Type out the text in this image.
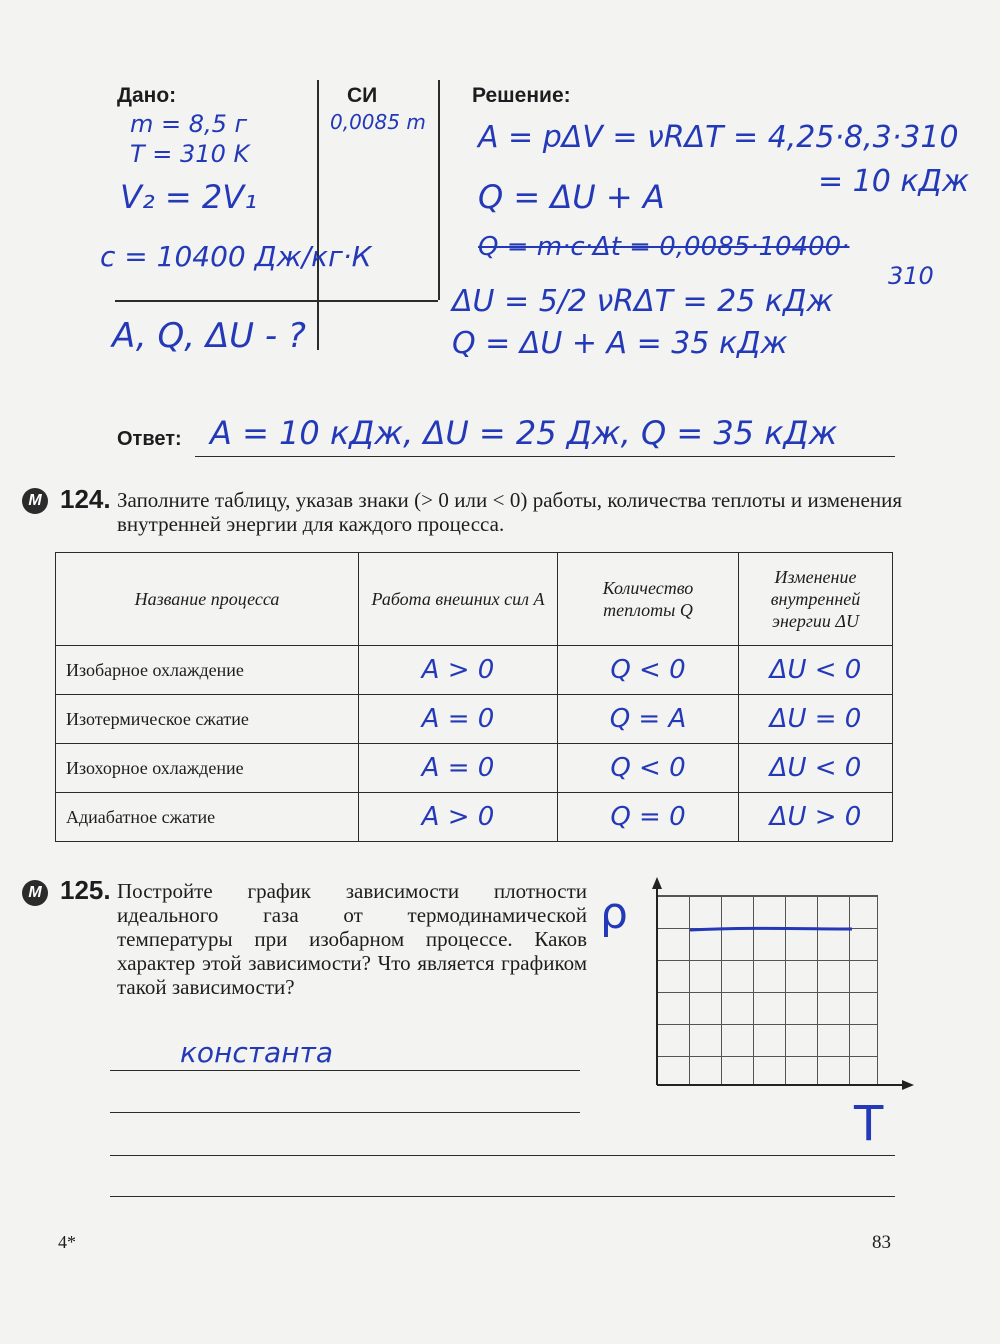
Дано:	СИ	Решение:
m = 8,5 г
T = 310 K
V₂ = 2V₁
c = 10400 Дж/кг·К
A, Q, ΔU - ?
0,0085 m A = pΔV = νRΔT = 4,25·8,3·310
= 10 кДж
Q = ΔU + A
Q = m·c·Δt = 0,0085·10400·
310
ΔU = 5/2 νRΔT = 25 кДж
Q = ΔU + A = 35 кДж
Ответ: A = 10 кДж, ΔU = 25 Дж, Q = 35 кДж
М 124. Заполните таблицу, указав знаки (> 0 или < 0) работы, количества теплоты и изменения внутренней энергии для каждого процесса.
Название процесса	Работа внешних сил A	Количество теплоты Q	Изменение внутренней энергии ΔU
Изобарное охлаждение	A > 0	Q < 0	ΔU < 0
Изотермическое сжатие	A = 0	Q = A	ΔU = 0
Изохорное охлаждение	A = 0	Q < 0	ΔU < 0
Адиабатное сжатие	A > 0	Q = 0	ΔU > 0
М 125. Постройте график зависимости плотности идеального газа от термодинамической температуры при изобарном процессе. Каков характер этой зависимости? Что является графиком такой зависимости?
константа
ρ
T
4*	83
